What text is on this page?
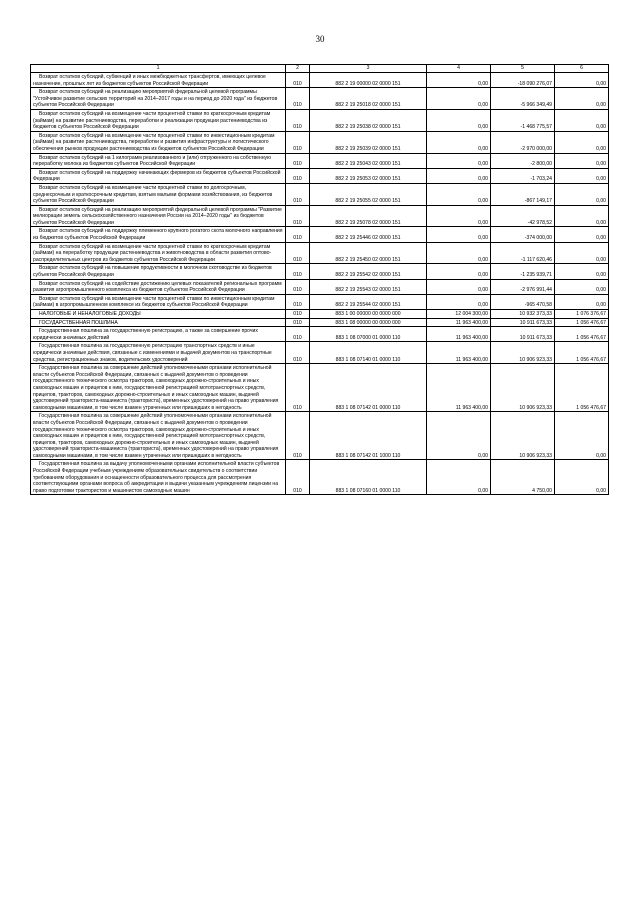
30
1	2	3	4	5	6
Возврат остатков субсидий, субвенций и иных межбюджетных трансфертов, имеющих целевое назначение, прошлых лет из бюджетов субъектов Российской Федерации	010	882 2 19 00000 02 0000 151	0,00	-18 090 276,07	0,00
Возврат остатков субсидий на реализацию мероприятий федеральной целевой программы "Устойчивое развитие сельских территорий на 2014–2017 годы и на период до 2020 года" из бюджетов субъектов Российской Федерации	010	882 2 19 25018 02 0000 151	0,00	-5 966 349,49	0,00
Возврат остатков субсидий на возмещение части процентной ставки по краткосрочным кредитам (займам) на развитие растениеводства, переработки и реализации продукции растениеводства из бюджетов субъектов Российской Федерации	010	882 2 19 25038 02 0000 151	0,00	-1 468 775,57	0,00
Возврат остатков субсидий на возмещение части процентной ставки по инвестиционным кредитам (займам) на развитие растениеводства, переработки и развития инфраструктуры и логистического обеспечения рынков продукции растениеводства из бюджетов субъектов Российской Федерации	010	882 2 19 25039 02 0000 151	0,00	-2 970 000,00	0,00
Возврат остатков субсидий на 1 килограмм реализованного и (или) отгруженного на собственную переработку молока из бюджетов субъектов Российской Федерации	010	882 2 19 25043 02 0000 151	0,00	-2 800,00	0,00
Возврат остатков субсидий на поддержку начинающих фермеров из бюджетов субъектов Российской Федерации	010	882 2 19 25053 02 0000 151	0,00	-1 703,24	0,00
Возврат остатков субсидий на возмещение части процентной ставки по долгосрочным, среднесрочным и краткосрочным кредитам, взятым малыми формами хозяйствования, из бюджетов субъектов Российской Федерации	010	882 2 19 25055 02 0000 151	0,00	-867 149,17	0,00
Возврат остатков субсидий на реализацию мероприятий федеральной целевой программы "Развитие мелиорации земель сельскохозяйственного назначения России на 2014–2020 годы" из бюджетов субъектов Российской Федерации	010	882 2 19 25078 02 0000 151	0,00	-42 978,52	0,00
Возврат остатков субсидий на поддержку племенного крупного рогатого скота молочного направления из бюджетов субъектов Российской Федерации	010	882 2 19 25446 02 0000 151	0,00	-374 000,00	0,00
Возврат остатков субсидий на возмещение части процентной ставки по краткосрочным кредитам (займам) на переработку продукции растениеводства и животноводства в области развития оптово-распределительных центров из бюджетов субъектов Российской Федерации	010	882 2 19 25450 02 0000 151	0,00	-1 117 620,46	0,00
Возврат остатков субсидий на повышение продуктивности в молочном скотоводстве из бюджетов субъектов Российской Федерации	010	882 2 19 25542 02 0000 151	0,00	-1 235 939,71	0,00
Возврат остатков субсидий на содействие достижению целевых показателей региональных программ развития агропромышленного комплекса из бюджетов субъектов Российской Федерации	010	882 2 19 25543 02 0000 151	0,00	-2 976 991,44	0,00
Возврат остатков субсидий на возмещение части процентной ставки по инвестиционным кредитам (займам) в агропромышленном комплексе из бюджетов субъектов Российской Федерации	010	882 2 19 25544 02 0000 151	0,00	-965 470,58	0,00
НАЛОГОВЫЕ И НЕНАЛОГОВЫЕ ДОХОДЫ	010	883 1 00 00000 00 0000 000	12 004 300,00	10 932 373,33	1 076 376,67
ГОСУДАРСТВЕННАЯ ПОШЛИНА	010	883 1 08 00000 00 0000 000	11 963 400,00	10 911 673,33	1 056 476,67
Государственная пошлина за государственную регистрацию, а также за совершение прочих юридически значимых действий	010	883 1 08 07000 01 0000 110	11 963 400,00	10 911 673,33	1 056 476,67
Государственная пошлина за государственную регистрацию транспортных средств и иные юридически значимые действия, связанные с изменениями и выдачей документов на транспортные средства, регистрационных знаков, водительских удостоверений	010	883 1 08 07140 01 0000 110	11 963 400,00	10 906 923,33	1 056 476,67
Государственная пошлина за совершение действий уполномоченными органами исполнительной власти субъектов Российской Федерации, связанных с выдачей документов о проведении государственного технического осмотра тракторов, самоходных дорожно-строительных и иных самоходных машин и прицепов к ним, государственной регистрацией мототранспортных средств, прицепов, тракторов, самоходных дорожно-строительных и иных самоходных машин, выдачей удостоверений тракториста-машиниста (тракториста), временных удостоверений на право управления самоходными машинами, в том числе взамен утраченных или пришедших в негодность	010	883 1 08 07142 01 0000 110	11 963 400,00	10 906 923,33	1 056 476,67
Государственная пошлина за совершение действий уполномоченными органами исполнительной власти субъектов Российской Федерации, связанных с выдачей документов о проведении государственного технического осмотра тракторов, самоходных дорожно-строительных и иных самоходных машин и прицепов к ним, государственной регистрацией мототранспортных средств, прицепов, тракторов, самоходных дорожно-строительных и иных самоходных машин, выдачей удостоверений тракториста-машиниста (тракториста), временных удостоверений на право управления самоходными машинами, в том числе взамен утраченных или пришедших в негодность	010	883 1 08 07142 01 1000 110	0,00	10 906 923,33	0,00
Государственная пошлина за выдачу уполномоченными органами исполнительной власти субъектов Российской Федерации учебным учреждениям образовательных свидетельств о соответствии требованиям оборудования и оснащенности образовательного процесса для рассмотрения соответствующими органами вопроса об аккредитации и выдачи указанным учреждениям лицензии на право подготовки трактористов и машинистов самоходных машин	010	883 1 08 07160 01 0000 110	0,00	4 750,00	0,00
